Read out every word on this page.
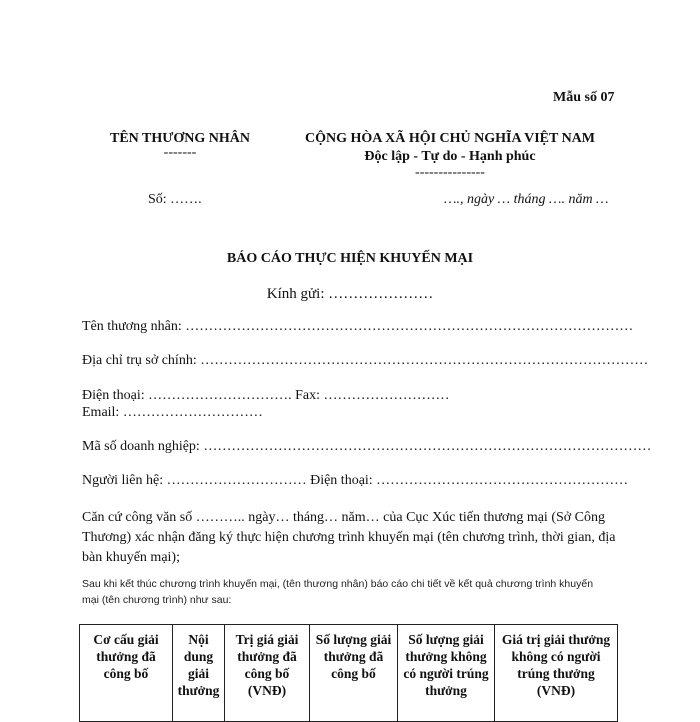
Mẫu số 07
TÊN THƯƠNG NHÂN
-------
CỘNG HÒA XÃ HỘI CHỦ NGHĨA VIỆT NAM
Độc lập - Tự do - Hạnh phúc
---------------
Số: …….	…., ngày … tháng …. năm …
BÁO CÁO THỰC HIỆN KHUYẾN MẠI
Kính gửi: …………………
Tên thương nhân: ……………………………………………………………………………………
Địa chỉ trụ sở chính: ……………………………………………………………………………………
Điện thoại: …………………………. Fax: ………………………
Email: …………………………
Mã số doanh nghiệp: ……………………………………………………………………………………
Người liên hệ: ………………………… Điện thoại: ………………………………………………
Căn cứ công văn số ……….. ngày… tháng… năm… của Cục Xúc tiến thương mại (Sở Công Thương) xác nhận đăng ký thực hiện chương trình khuyến mại (tên chương trình, thời gian, địa bàn khuyến mại);
Sau khi kết thúc chương trình khuyến mại, (tên thương nhân) báo cáo chi tiết về kết quả chương trình khuyến mại (tên chương trình) như sau:
Cơ cấu giải thưởng đã công bố	Nội dung giải thưởng	Trị giá giải thưởng đã công bố (VNĐ)	Số lượng giải thưởng đã công bố	Số lượng giải thưởng không có người trúng thưởng	Giá trị giải thưởng không có người trúng thưởng (VNĐ)
